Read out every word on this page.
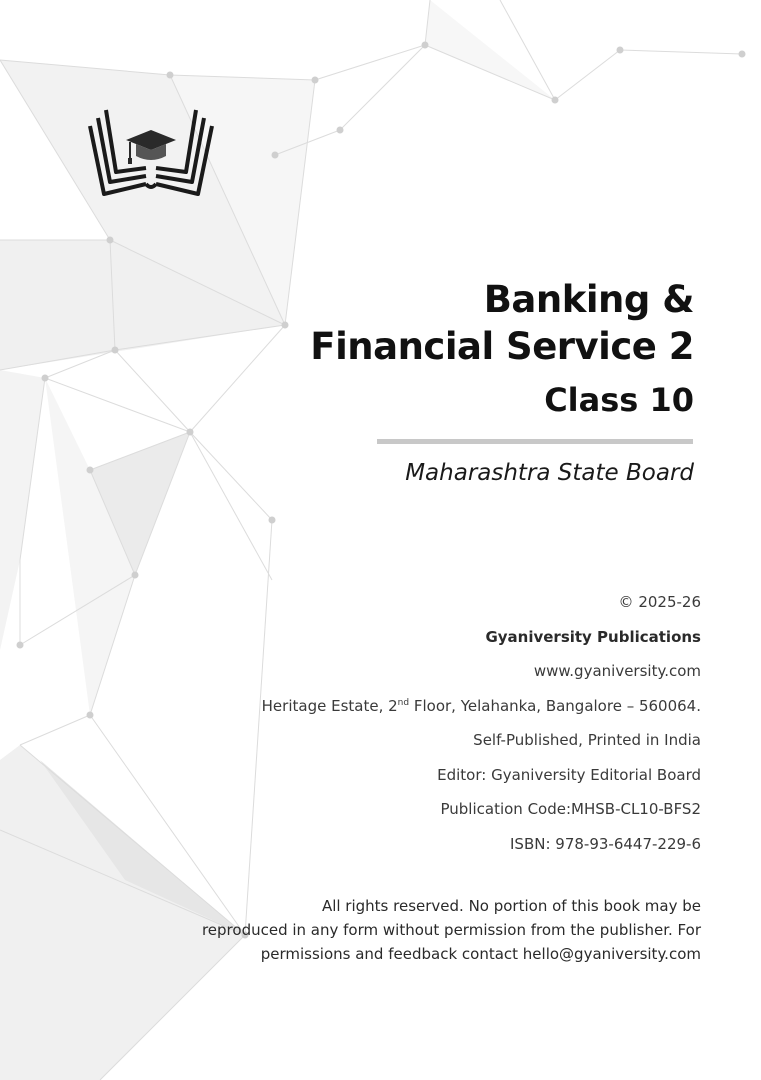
Banking &
Financial Service 2
Class 10
Maharashtra State Board
© 2025-26
Gyaniversity Publications
www.gyaniversity.com
Heritage Estate, 2nd Floor, Yelahanka, Bangalore – 560064.
Self-Published, Printed in India
Editor: Gyaniversity Editorial Board
Publication Code:MHSB-CL10-BFS2
ISBN: 978-93-6447-229-6
All rights reserved. No portion of this book may be
reproduced in any form without permission from the publisher. For
permissions and feedback contact hello@gyaniversity.com
